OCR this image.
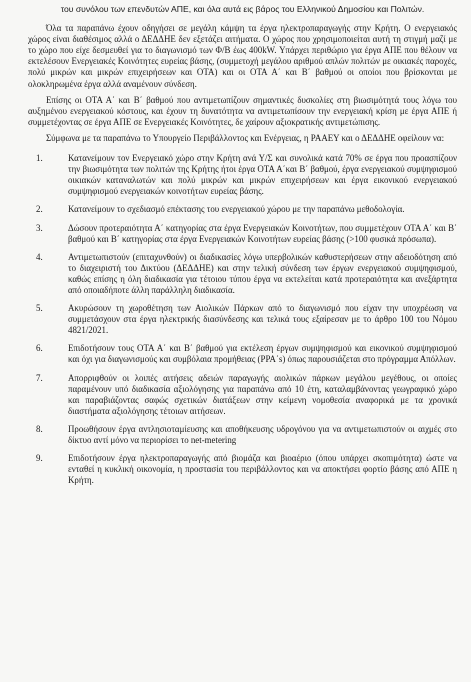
του συνόλου των επενδυτών ΑΠΕ, και όλα αυτά εις βάρος του Ελληνικού Δημοσίου και Πολιτών.

Όλα τα παραπάνω έχουν οδηγήσει σε μεγάλη κάμψη τα έργα ηλεκτροπαραγωγής στην Κρήτη. Ο ενεργειακός χώρος είναι διαθέσιμος αλλά ο ΔΕΔΔΗΕ δεν εξετάζει αιτήματα. Ο χώρος που χρησιμοποιείται αυτή τη στιγμή μαζί με το χώρο που είχε δεσμευθεί για το διαγωνισμό των Φ/Β έως 400kW. Υπάρχει περιθώριο για έργα ΑΠΕ που θέλουν να εκτελέσουν Ενεργειακές Κοινότητες ευρείας βάσης, (συμμετοχή μεγάλου αριθμού απλών πολιτών με οικιακές παροχές, πολύ μικρών και μικρών επιχειρήσεων και ΟΤΑ) και οι ΟΤΑ Α΄ και Β΄ βαθμού οι οποίοι που βρίσκονται με ολοκληρωμένα έργα αλλά αναμένουν σύνδεση.

Επίσης οι ΟΤΑ Α΄ και Β΄ βαθμού που αντιμετωπίζουν σημαντικές δυσκολίες στη βιωσιμότητά τους λόγω του αυξημένου ενεργειακού κόστους, και έχουν τη δυνατότητα να αντιμετωπίσουν την ενεργειακή κρίση με έργα ΑΠΕ ή συμμετέχοντας σε έργα ΑΠΕ σε Ενεργειακές Κοινότητες, δε χαίρουν αξιοκρατικής αντιμετώπισης.

Σύμφωνα με τα παραπάνω το Υπουργείο Περιβάλλοντος και Ενέργειας, η ΡΑΑΕΥ και ο ΔΕΔΔΗΕ οφείλουν να:

1.	Κατανείμουν τον Ενεργειακό χώρο στην Κρήτη ανά Υ/Σ και συνολικά κατά 70% σε έργα που προασπίζουν την βιωσιμότητα των πολιτών της Κρήτης ήτοι έργα ΟΤΑ Α΄και Β΄ βαθμού, έργα ενεργειακού συμψηφισμού οικιακών καταναλωτών και πολύ μικρών και μικρών επιχειρήσεων και έργα εικονικού ενεργειακού συμψηφισμού ενεργειακών κοινοτήτων ευρείας βάσης.
2.	Κατανείμουν το σχεδιασμό επέκτασης του ενεργειακού χώρου με την παραπάνω μεθοδολογία.
3.	Δώσουν προτεραιότητα Α΄ κατηγορίας στα έργα Ενεργειακών Κοινοτήτων, που συμμετέχουν ΟΤΑ Α΄ και Β΄ βαθμού και Β΄ κατηγορίας στα έργα Ενεργειακών Κοινοτήτων ευρείας βάσης (>100 φυσικά πρόσωπα).
4.	Αντιμετωπιστούν (επιταχυνθούν) οι διαδικασίες λόγω υπερβολικών καθυστερήσεων στην αδειοδότηση από το διαχειριστή του Δικτύου (ΔΕΔΔΗΕ) και στην τελική σύνδεση των έργων ενεργειακού συμψηφισμού, καθώς επίσης η όλη διαδικασία για τέτοιου τύπου έργα να εκτελείται κατά προτεραιότητα και ανεξάρτητα από οποιαδήποτε άλλη παράλληλη διαδικασία.
5.	Ακυρώσουν τη χωροθέτηση των Αιολικών Πάρκων από το διαγωνισμό που είχαν την υποχρέωση να συμμετάσχουν στα έργα ηλεκτρικής διασύνδεσης και τελικά τους εξαίρεσαν με το άρθρο 100 του Νόμου 4821/2021.
6.	Επιδοτήσουν τους ΟΤΑ Α΄ και Β΄ βαθμού για εκτέλεση έργων συμψηφισμού και εικονικού συμψηφισμού και όχι για διαγωνισμούς και συμβόλαια προμήθειας (PPA΄s) όπως παρουσιάζεται στο πρόγραμμα Απόλλων.
7.	Απορριφθούν οι λοιπές αιτήσεις αδειών παραγωγής αιολικών πάρκων μεγάλου μεγέθους, οι οποίες παραμένουν υπό διαδικασία αξιολόγησης για παραπάνω από 10 έτη, καταλαμβάνοντας γεωγραφικό χώρο και παραβιάζοντας σαφώς σχετικών διατάξεων στην κείμενη νομοθεσία αναφορικά με τα χρονικά διαστήματα αξιολόγησης τέτοιων αιτήσεων.
8.	Προωθήσουν έργα αντλησιοταμίευσης και αποθήκευσης υδρογόνου για να αντιμετωπιστούν οι αιχμές στο δίκτυο αντί μόνο να περιορίσει το net-metering
9.	Επιδοτήσουν έργα ηλεκτροπαραγωγής από βιομάζα και βιοαέριο (όπου υπάρχει σκοπιμότητα) ώστε να ενταθεί η κυκλική οικονομία, η προστασία του περιβάλλοντος και να αποκτήσει φορτίο βάσης από ΑΠΕ η Κρήτη.
